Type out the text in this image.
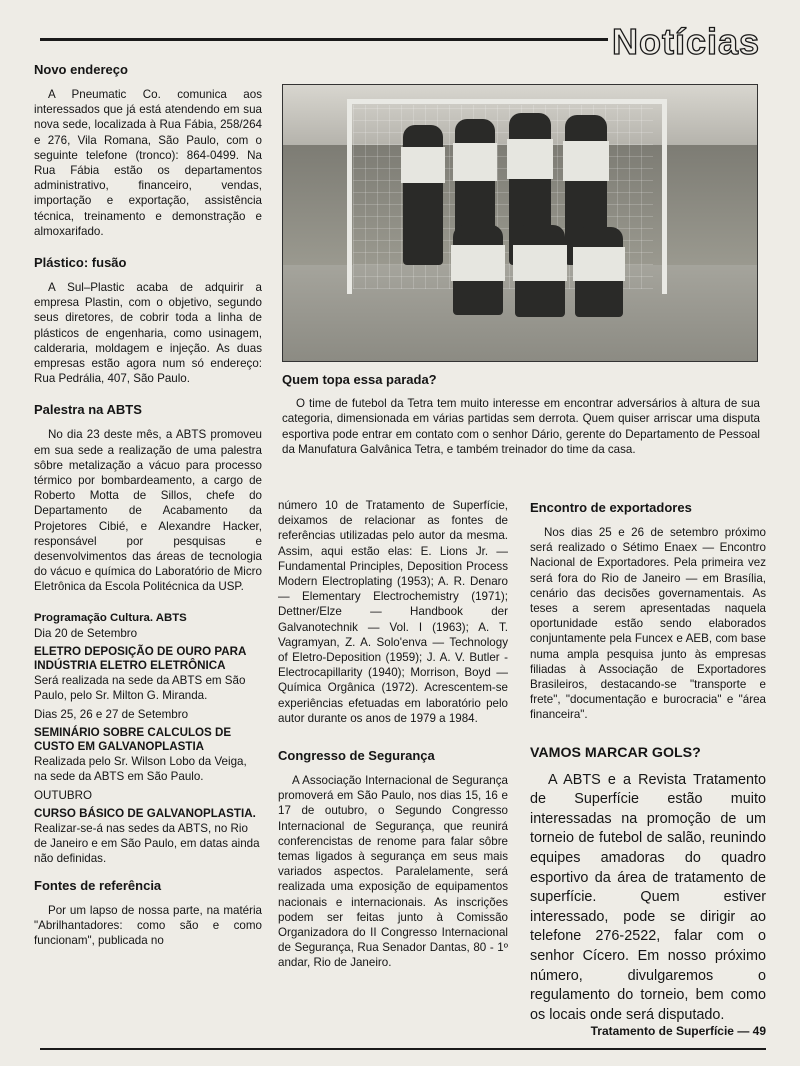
Notícias
Novo endereço

A Pneumatic Co. comunica aos interessados que já está atendendo em sua nova sede, localizada à Rua Fábia, 258/264 e 276, Vila Romana, São Paulo, com o seguinte telefone (tronco): 864-0499. Na Rua Fábia estão os departamentos administrativo, financeiro, vendas, importação e exportação, assistência técnica, treinamento e demonstração e almoxarifado.

Plástico: fusão

A Sul–Plastic acaba de adquirir a empresa Plastin, com o objetivo, segundo seus diretores, de cobrir toda a linha de plásticos de engenharia, como usinagem, calderaria, moldagem e injeção. As duas empresas estão agora num só endereço: Rua Pedrália, 407, São Paulo.

Palestra na ABTS

No dia 23 deste mês, a ABTS promoveu em sua sede a realização de uma palestra sôbre metalização a vácuo para processo térmico por bombardeamento, a cargo de Roberto Motta de Sillos, chefe do Departamento de Acabamento da Projetores Cibié, e Alexandre Hacker, responsável por pesquisas e desenvolvimentos das áreas de tecnologia do vácuo e química do Laboratório de Micro Eletrônica da Escola Politécnica da USP.

Programação Cultura. ABTS

Dia 20 de Setembro

ELETRO DEPOSIÇÃO DE OURO PARA INDÚSTRIA ELETRO ELETRÔNICA

Será realizada na sede da ABTS em São Paulo, pelo Sr. Milton G. Miranda.

Dias 25, 26 e 27 de Setembro

SEMINÁRIO SOBRE CALCULOS DE CUSTO EM GALVANOPLASTIA

Realizada pelo Sr. Wilson Lobo da Veiga, na sede da ABTS em São Paulo.

OUTUBRO

CURSO BÁSICO DE GALVANOPLASTIA.

Realizar-se-á nas sedes da ABTS, no Rio de Janeiro e em São Paulo, em datas ainda não definidas.

Fontes de referência

Por um lapso de nossa parte, na matéria "Abrilhantadores: como são e como funcionam", publicada no

Quem topa essa parada?

O time de futebol da Tetra tem muito interesse em encontrar adversários à altura de sua categoria, dimensionada em várias partidas sem derrota. Quem quiser arriscar uma disputa esportiva pode entrar em contato com o senhor Dário, gerente do Departamento de Pessoal da Manufatura Galvânica Tetra, e também treinador do time da casa.

número 10 de Tratamento de Superfície, deixamos de relacionar as fontes de referências utilizadas pelo autor da mesma. Assim, aqui estão elas: E. Lions Jr. — Fundamental Principles, Deposition Process Modern Electroplating (1953); A. R. Denaro — Elementary Electrochemistry (1971); Dettner/Elze — Handbook der Galvanotechnik — Vol. I (1963); A. T. Vagramyan, Z. A. Solo'enva — Technology of Eletro-Deposition (1959); J. A. V. Butler - Electrocapillarity (1940); Morrison, Boyd — Química Orgânica (1972). Acrescentem-se experiências efetuadas em laboratório pelo autor durante os anos de 1979 a 1984.

Congresso de Segurança

A Associação Internacional de Segurança promoverá em São Paulo, nos dias 15, 16 e 17 de outubro, o Segundo Congresso Internacional de Segurança, que reunirá conferencistas de renome para falar sôbre temas ligados à segurança em seus mais variados aspectos. Paralelamente, será realizada uma exposição de equipamentos nacionais e internacionais. As inscrições podem ser feitas junto à Comissão Organizadora do II Congresso Internacional de Segurança, Rua Senador Dantas, 80 - 1º andar, Rio de Janeiro.

Encontro de exportadores

Nos dias 25 e 26 de setembro próximo será realizado o Sétimo Enaex — Encontro Nacional de Exportadores. Pela primeira vez será fora do Rio de Janeiro — em Brasília, cenário das decisões governamentais. As teses a serem apresentadas naquela oportunidade estão sendo elaborados conjuntamente pela Funcex e AEB, com base numa ampla pesquisa junto às empresas filiadas à Associação de Exportadores Brasileiros, destacando-se "transporte e frete", "documentação e burocracia" e "área financeira".

VAMOS MARCAR GOLS?

A ABTS e a Revista Tratamento de Superfície estão muito interessadas na promoção de um torneio de futebol de salão, reunindo equipes amadoras do quadro esportivo da área de tratamento de superfície. Quem estiver interessado, pode se dirigir ao telefone 276-2522, falar com o senhor Cícero. Em nosso próximo número, divulgaremos o regulamento do torneio, bem como os locais onde será disputado.

Tratamento de Superfície — 49
